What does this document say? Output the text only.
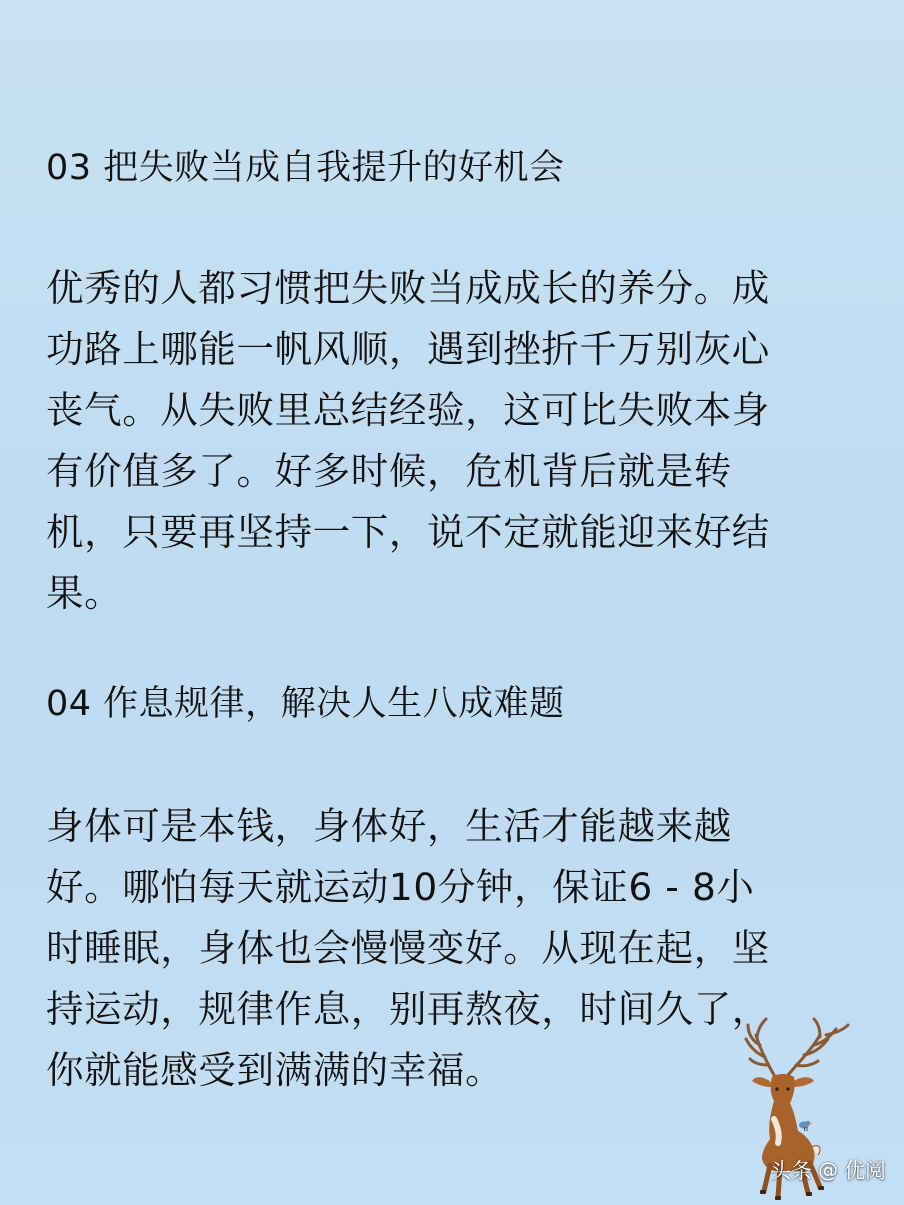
03 把失败当成自我提升的好机会
优秀的人都习惯把失败当成成长的养分。成
功路上哪能一帆风顺，遇到挫折千万别灰心
丧气。从失败里总结经验，这可比失败本身
有价值多了。好多时候，危机背后就是转
机，只要再坚持一下，说不定就能迎来好结
果。
04 作息规律，解决人生八成难题
身体可是本钱，身体好，生活才能越来越
好。哪怕每天就运动10分钟，保证6 - 8小
时睡眠，身体也会慢慢变好。从现在起，坚
持运动，规律作息，别再熬夜，时间久了，
你就能感受到满满的幸福。
头条 @ 优阅
